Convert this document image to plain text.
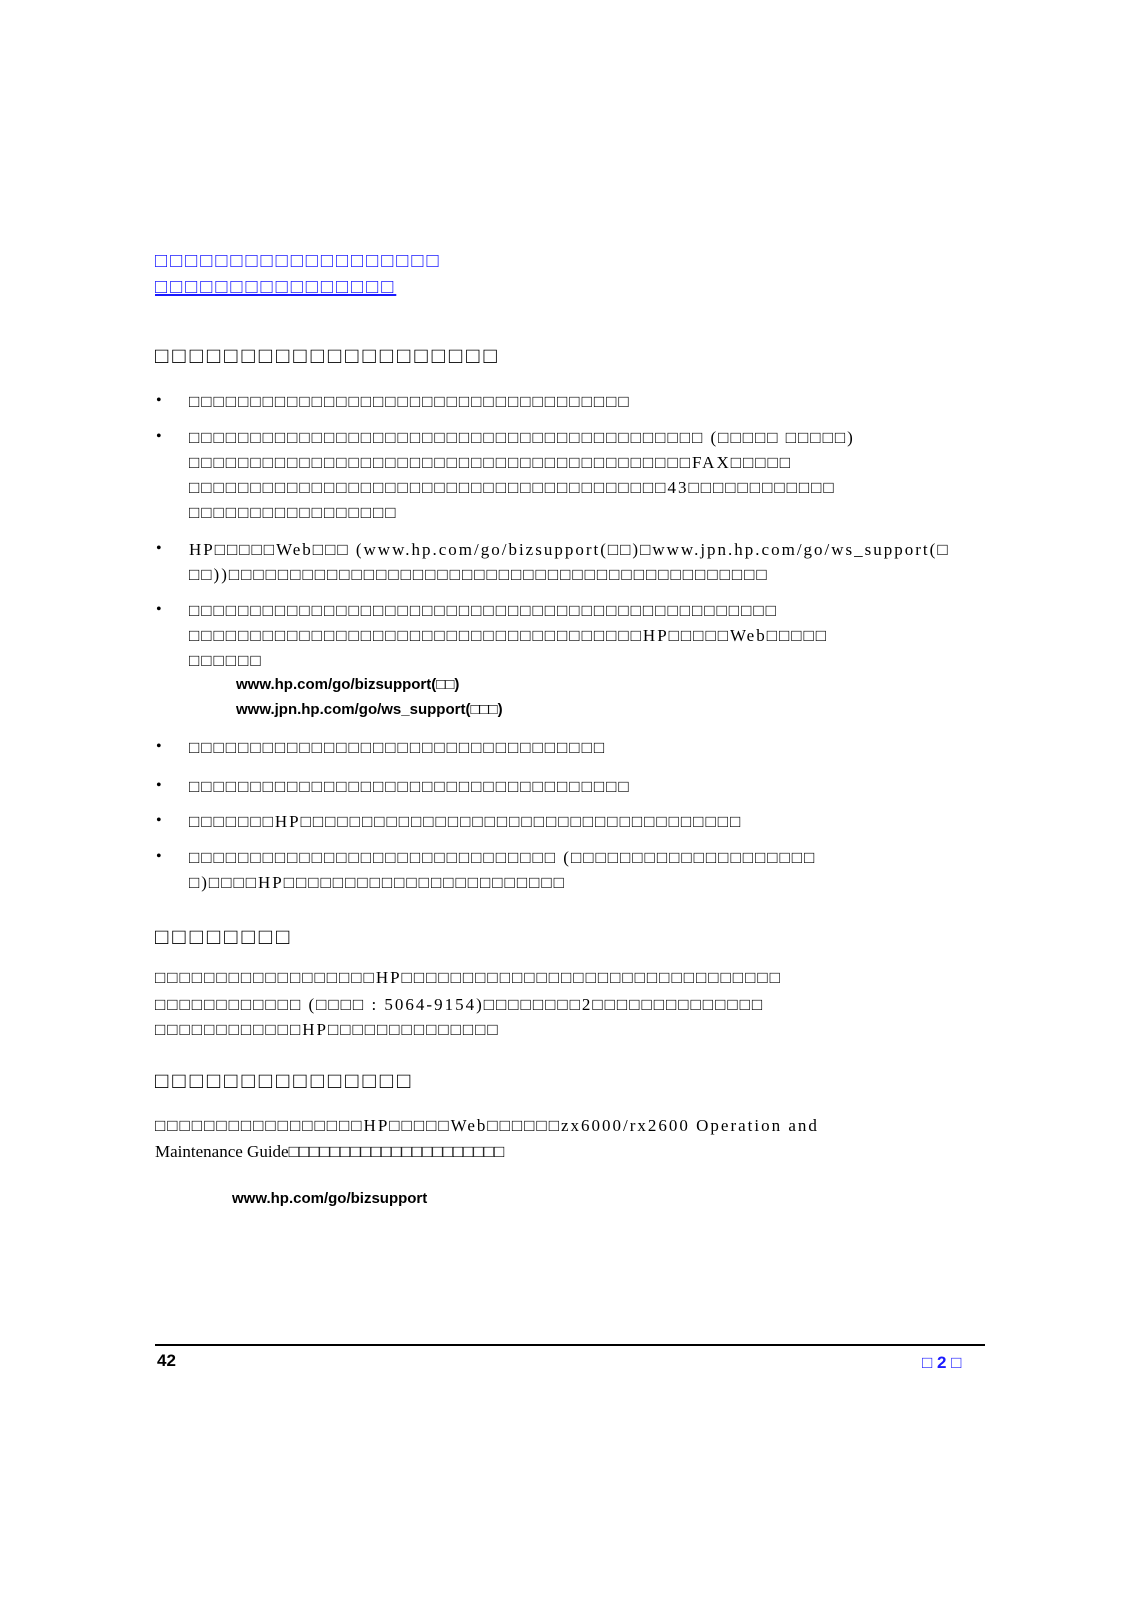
□□□□□□□□□□□□□□□□□□□
□□□□□□□□□□□□□□□□
□□□□□□□□□□□□□□□□□□□□
• □□□□□□□□□□□□□□□□□□□□□□□□□□□□□□□□□□□□
• □□□□□□□□□□□□□□□□□□□□□□□□□□□□□□□□□□□□□□□□□□ (□□□□□ □□□□□)
□□□□□□□□□□□□□□□□□□□□□□□□□□□□□□□□□□□□□□□□□FAX□□□□□
□□□□□□□□□□□□□□□□□□□□□□□□□□□□□□□□□□□□□□□43□□□□□□□□□□□□
□□□□□□□□□□□□□□□□□
• HP□□□□□Web□□□ (www.hp.com/go/bizsupport(□□)□www.jpn.hp.com/go/ws_support(□
□□))□□□□□□□□□□□□□□□□□□□□□□□□□□□□□□□□□□□□□□□□□□□□
• □□□□□□□□□□□□□□□□□□□□□□□□□□□□□□□□□□□□□□□□□□□□□□□□
□□□□□□□□□□□□□□□□□□□□□□□□□□□□□□□□□□□□□HP□□□□□Web□□□□□
□□□□□□
• □□□□□□□□□□□□□□□□□□□□□□□□□□□□□□□□□□
• □□□□□□□□□□□□□□□□□□□□□□□□□□□□□□□□□□□□
• □□□□□□□HP□□□□□□□□□□□□□□□□□□□□□□□□□□□□□□□□□□□□
• □□□□□□□□□□□□□□□□□□□□□□□□□□□□□□ (□□□□□□□□□□□□□□□□□□□□
□)□□□□HP□□□□□□□□□□□□□□□□□□□□□□□
www.hp.com/go/bizsupport(□□)
www.jpn.hp.com/go/ws_support(□□□)
□□□□□□□□
□□□□□□□□□□□□□□□□□□HP□□□□□□□□□□□□□□□□□□□□□□□□□□□□□□□
□□□□□□□□□□□□ (□□□□ : 5064-9154)□□□□□□□□2□□□□□□□□□□□□□□
□□□□□□□□□□□□HP□□□□□□□□□□□□□□
□□□□□□□□□□□□□□□
□□□□□□□□□□□□□□□□□HP□□□□□Web□□□□□□zx6000/rx2600 Operation and
Maintenance Guide□□□□□□□□□□□□□□□□□□□□□
www.hp.com/go/bizsupport
42	□ 2 □
